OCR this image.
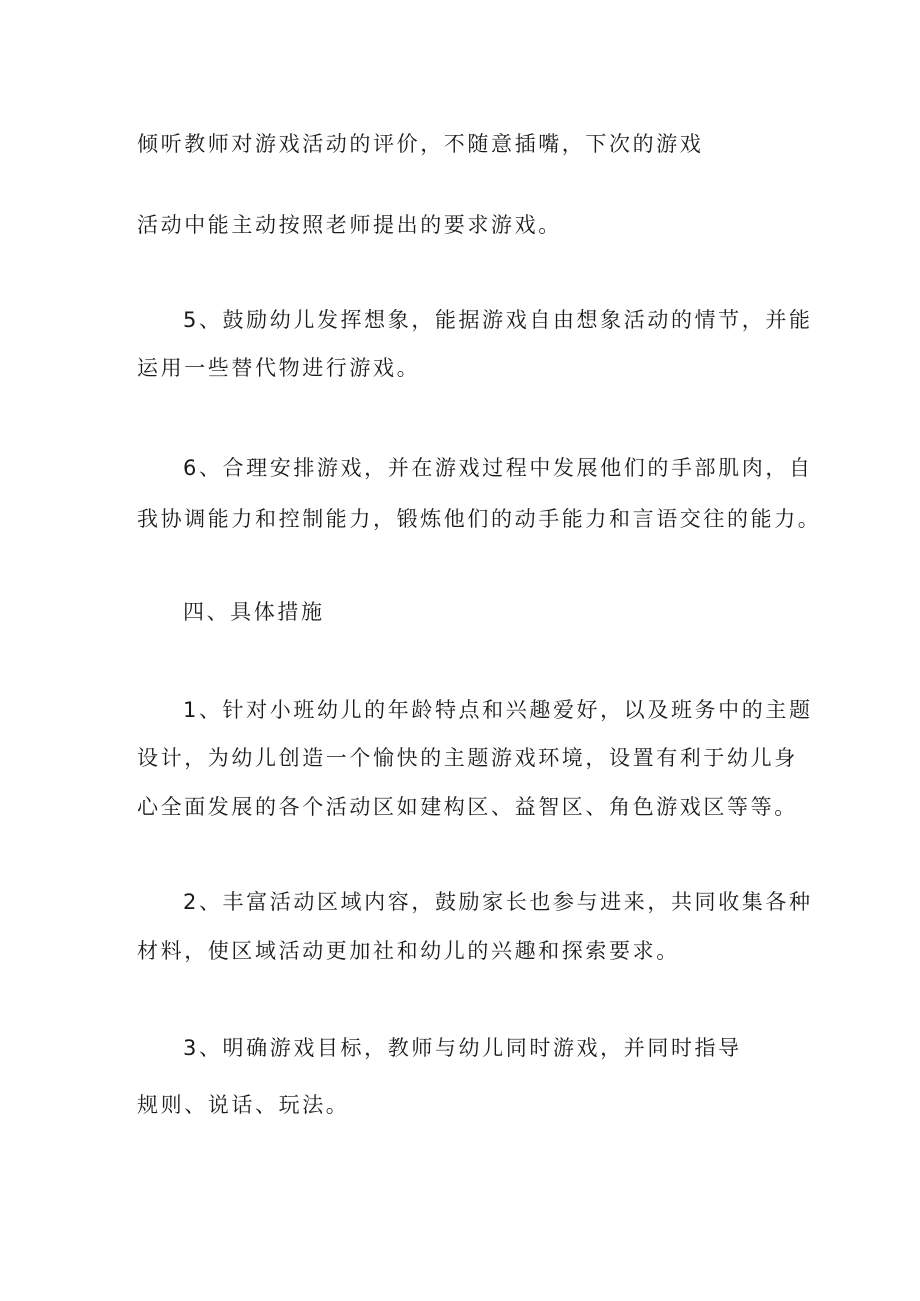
倾听教师对游戏活动的评价，不随意插嘴，下次的游戏
活动中能主动按照老师提出的要求游戏。
5、鼓励幼儿发挥想象，能据游戏自由想象活动的情节，并能
运用一些替代物进行游戏。
6、合理安排游戏，并在游戏过程中发展他们的手部肌肉，自
我协调能力和控制能力，锻炼他们的动手能力和言语交往的能力。
四、具体措施
1、针对小班幼儿的年龄特点和兴趣爱好，以及班务中的主题
设计，为幼儿创造一个愉快的主题游戏环境，设置有利于幼儿身
心全面发展的各个活动区如建构区、益智区、角色游戏区等等。
2、丰富活动区域内容，鼓励家长也参与进来，共同收集各种
材料，使区域活动更加社和幼儿的兴趣和探索要求。
3、明确游戏目标，教师与幼儿同时游戏，并同时指导
规则、说话、玩法。
